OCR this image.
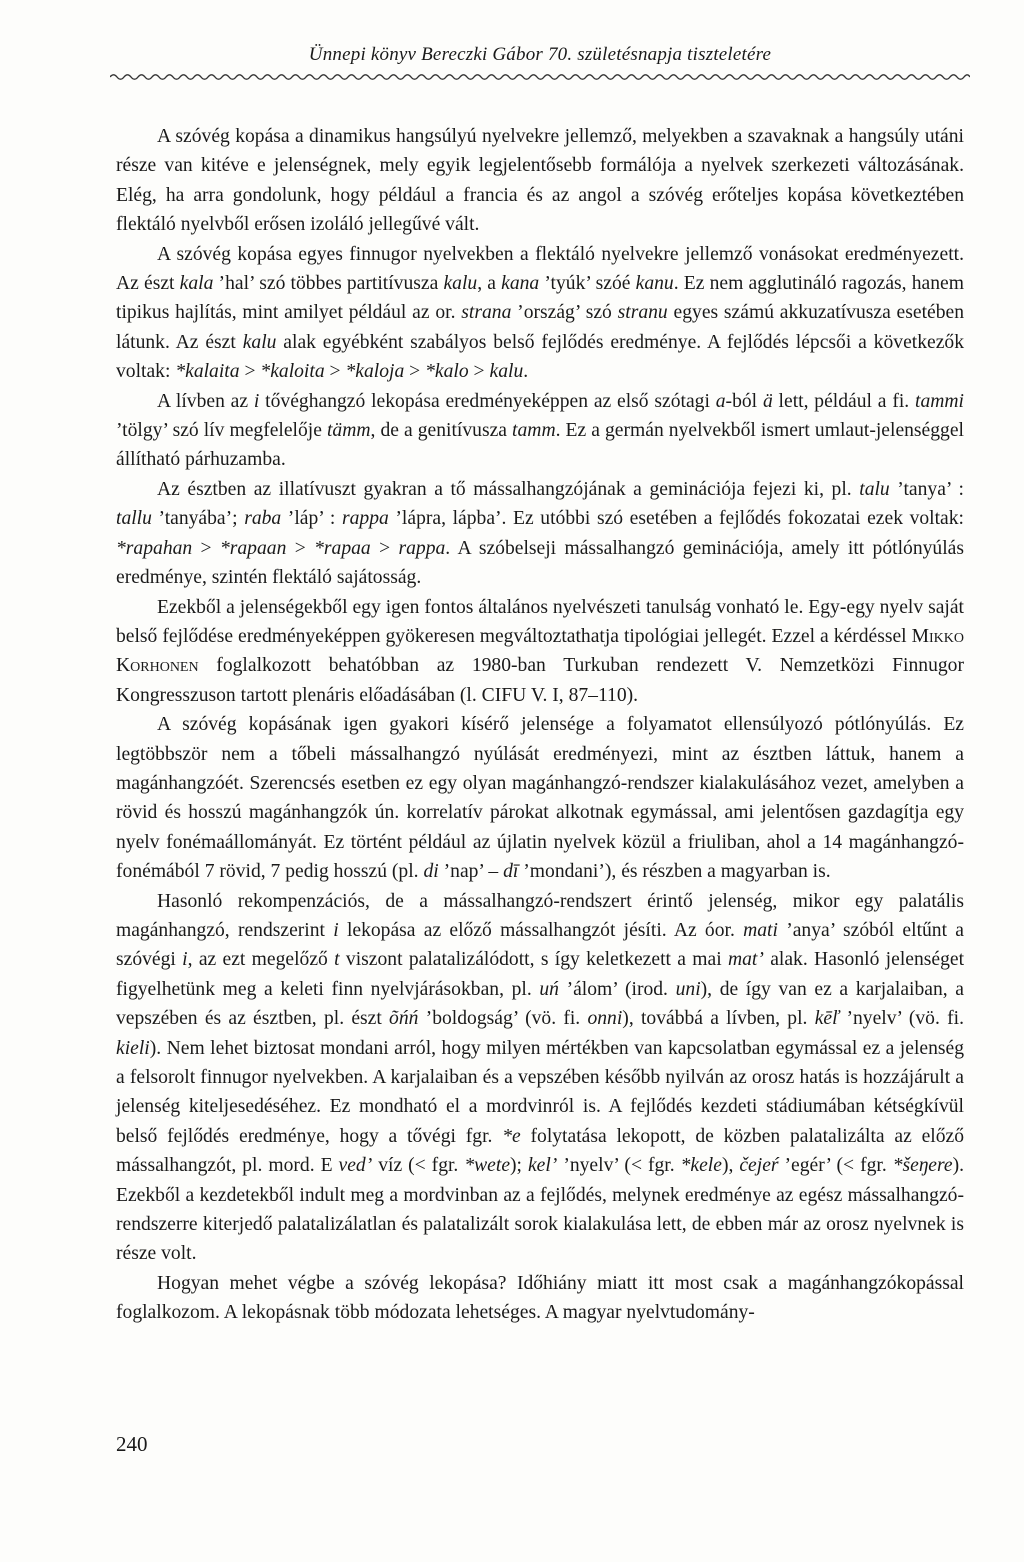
Ünnepi könyv Bereczki Gábor 70. születésnapja tiszteletére

A szóvég kopása a dinamikus hangsúlyú nyelvekre jellemző, melyekben a szavaknak a hangsúly utáni része van kitéve e jelenségnek, mely egyik legjelentősebb formálója a nyelvek szerkezeti változásának. Elég, ha arra gondolunk, hogy például a francia és az angol a szóvég erőteljes kopása következtében flektáló nyelvből erősen izoláló jellegűvé vált.

A szóvég kopása egyes finnugor nyelvekben a flektáló nyelvekre jellemző vonásokat eredményezett. Az észt kala ’hal’ szó többes partitívusza kalu, a kana ’tyúk’ szóé kanu. Ez nem agglutináló ragozás, hanem tipikus hajlítás, mint amilyet például az or. strana ’ország’ szó stranu egyes számú akkuzatívusza esetében látunk. Az észt kalu alak egyébként szabályos belső fejlődés eredménye. A fejlődés lépcsői a következők voltak: *kalaita > *kaloita > *kaloja > *kalo > kalu.

A lívben az i tővéghangzó lekopása eredményeképpen az első szótagi a-ból ä lett, például a fi. tammi ’tölgy’ szó lív megfelelője tämm, de a genitívusza tamm. Ez a germán nyelvekből ismert umlaut-jelenséggel állítható párhuzamba.

Az észtben az illatívuszt gyakran a tő mássalhangzójának a geminációja fejezi ki, pl. talu ’tanya’ : tallu ’tanyába’; raba ’láp’ : rappa ’lápra, lápba’. Ez utóbbi szó esetében a fejlődés fokozatai ezek voltak: *rapahan > *rapaan > *rapaa > rappa. A szóbelseji mássalhangzó geminációja, amely itt pótlónyúlás eredménye, szintén flektáló sajátosság.

Ezekből a jelenségekből egy igen fontos általános nyelvészeti tanulság vonható le. Egy-egy nyelv saját belső fejlődése eredményeképpen gyökeresen megváltoztathatja tipológiai jellegét. Ezzel a kérdéssel Mikko Korhonen foglalkozott behatóbban az 1980-ban Turkuban rendezett V. Nemzetközi Finnugor Kongresszuson tartott plenáris előadásában (l. CIFU V. I, 87–110).

A szóvég kopásának igen gyakori kísérő jelensége a folyamatot ellensúlyozó pótlónyúlás. Ez legtöbbször nem a tőbeli mássalhangzó nyúlását eredményezi, mint az észtben láttuk, hanem a magánhangzóét. Szerencsés esetben ez egy olyan magánhangzó-rendszer kialakulásához vezet, amelyben a rövid és hosszú magánhangzók ún. korrelatív párokat alkotnak egymással, ami jelentősen gazdagítja egy nyelv fonémaállományát. Ez történt például az újlatin nyelvek közül a friuliban, ahol a 14 magánhangzó-fonémából 7 rövid, 7 pedig hosszú (pl. di ’nap’ – dī ’mondani’), és részben a magyarban is.

Hasonló rekompenzációs, de a mássalhangzó-rendszert érintő jelenség, mikor egy palatális magánhangzó, rendszerint i lekopása az előző mássalhangzót jésíti. Az óor. mati ’anya’ szóból eltűnt a szóvégi i, az ezt megelőző t viszont palatalizálódott, s így keletkezett a mai mat’ alak. Hasonló jelenséget figyelhetünk meg a keleti finn nyelvjárásokban, pl. uń ’álom’ (irod. uni), de így van ez a karjalaiban, a vepszében és az észtben, pl. észt õńń ’boldogság’ (vö. fi. onni), továbbá a lívben, pl. kēľ ’nyelv’ (vö. fi. kieli). Nem lehet biztosat mondani arról, hogy milyen mértékben van kapcsolatban egymással ez a jelenség a felsorolt finnugor nyelvekben. A karjalaiban és a vepszében később nyilván az orosz hatás is hozzájárult a jelenség kiteljesedéséhez. Ez mondható el a mordvinról is. A fejlődés kezdeti stádiumában kétségkívül belső fejlődés eredménye, hogy a tővégi fgr. *e folytatása lekopott, de közben palatalizálta az előző mássalhangzót, pl. mord. E ved’ víz (< fgr. *wete); kel’ ’nyelv’ (< fgr. *kele), čejeŕ ’egér’ (< fgr. *šeŋere). Ezekből a kezdetekből indult meg a mordvinban az a fejlődés, melynek eredménye az egész mássalhangzó-rendszerre kiterjedő palatalizálatlan és palatalizált sorok kialakulása lett, de ebben már az orosz nyelvnek is része volt.

Hogyan mehet végbe a szóvég lekopása? Időhiány miatt itt most csak a magánhangzókopással foglalkozom. A lekopásnak több módozata lehetséges. A magyar nyelvtudomány-

240
